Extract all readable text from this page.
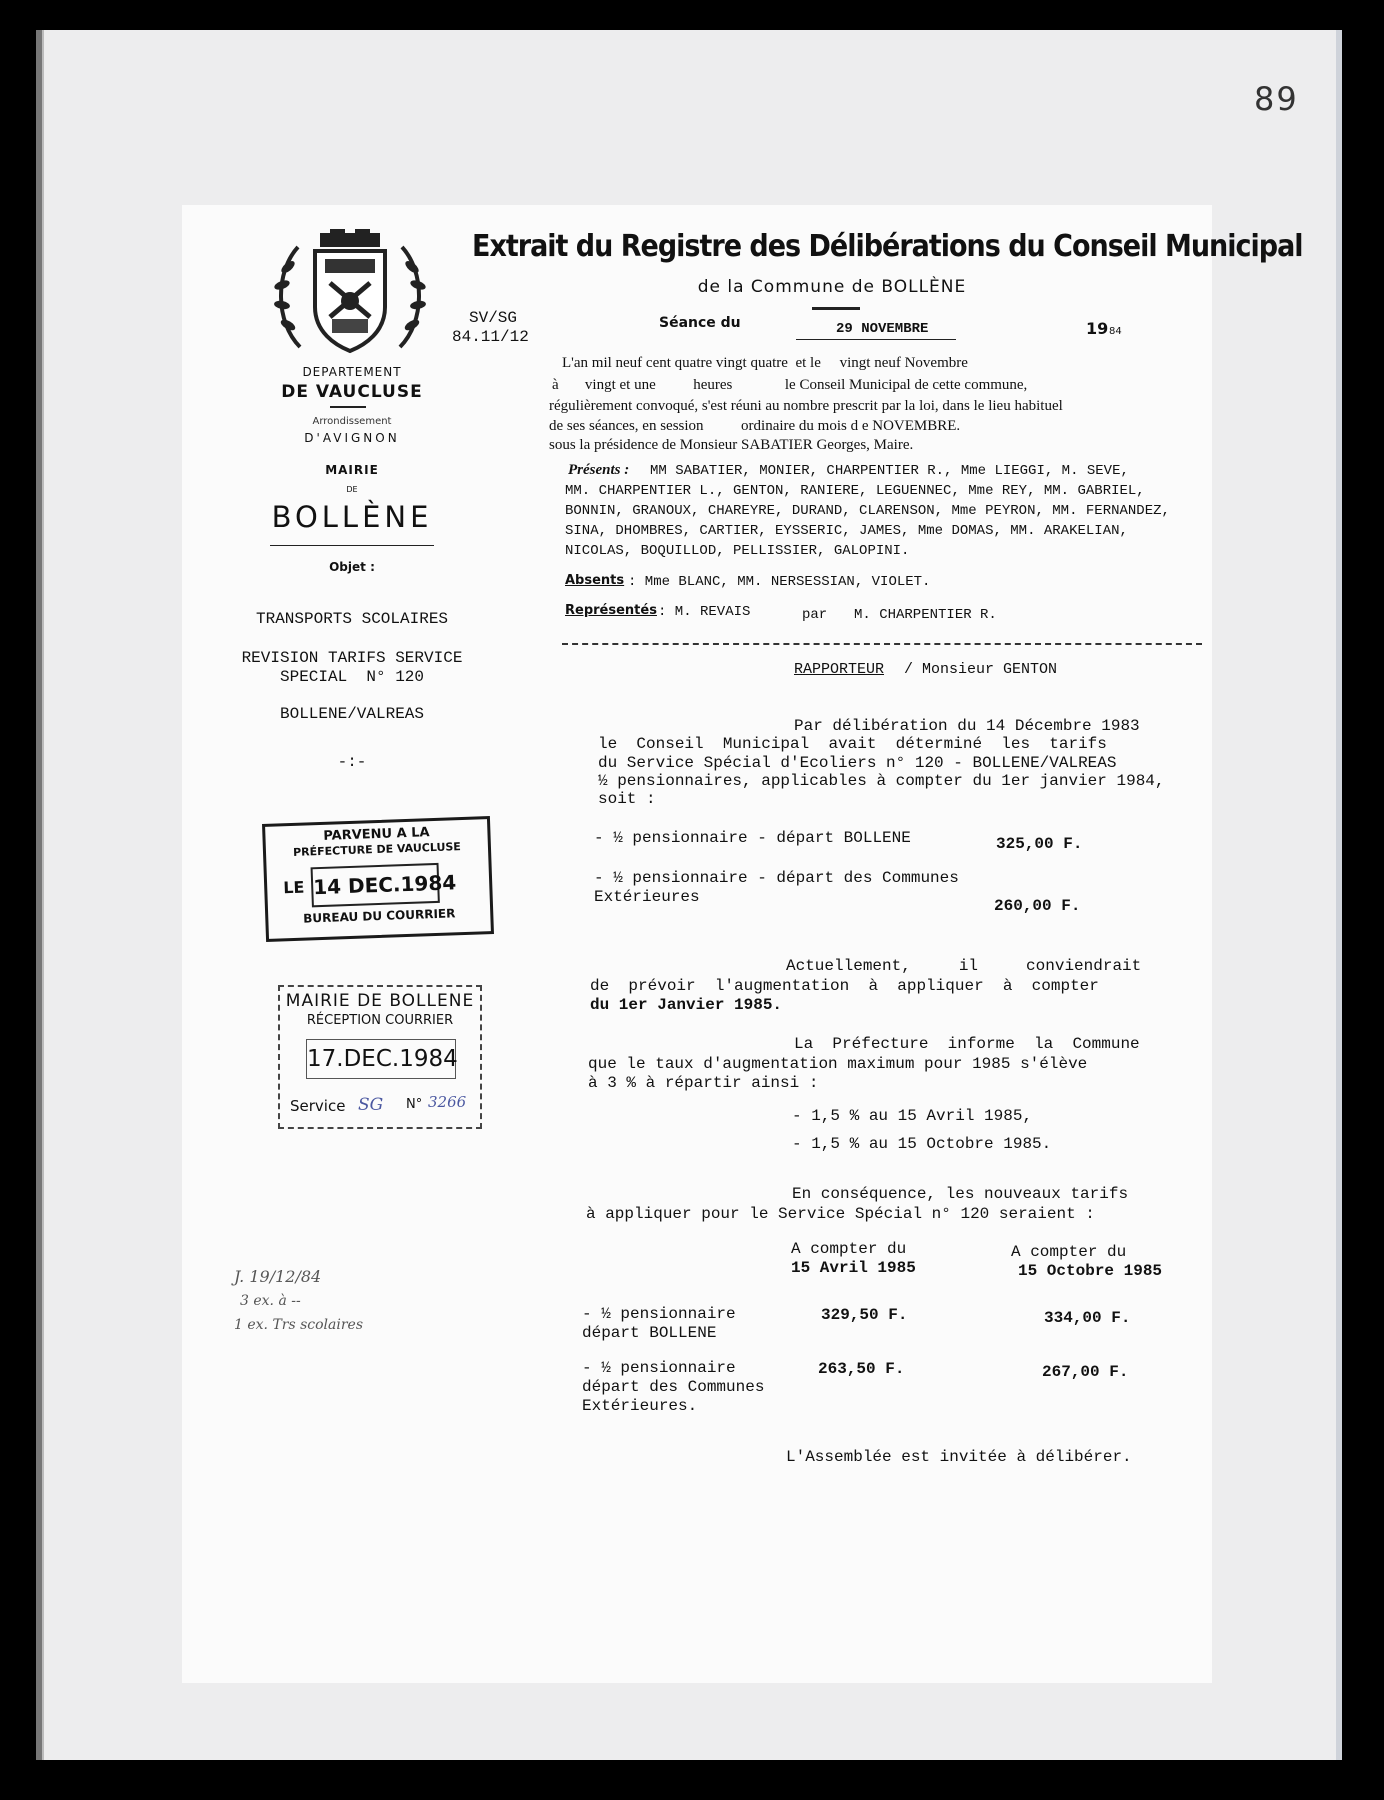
89
DEPARTEMENT
DE VAUCLUSE
Arrondissement
D'AVIGNON
MAIRIE
DE
BOLLÈNE
Objet :
TRANSPORTS SCOLAIRES
REVISION TARIFS SERVICE
SPECIAL  N° 120
BOLLENE/VALREAS
-:-
PARVENU A LA
PRÉFECTURE DE VAUCLUSE
LE 14 DEC.1984
BUREAU DU COURRIER
MAIRIE DE BOLLENE
RÉCEPTION COURRIER
17.DEC.1984
Service SG N° 3266
J. 19/12/84
3 ex. à --
1 ex. Trs scolaires
Extrait du Registre des Délibérations du Conseil Municipal
de la Commune de BOLLÈNE
SV/SG
84.11/12
Séance du	29 NOVEMBRE	19 84
L'an mil neuf cent quatre vingt quatre  et le     vingt neuf Novembre
à       vingt et une          heures              le Conseil Municipal de cette commune,
régulièrement convoqué, s'est réuni au nombre prescrit par la loi, dans le lieu habituel
de ses séances, en session          ordinaire du mois d e NOVEMBRE.
sous la présidence de Monsieur SABATIER Georges, Maire.
Présents : MM SABATIER, MONIER, CHARPENTIER R., Mme LIEGGI, M. SEVE,
MM. CHARPENTIER L., GENTON, RANIERE, LEGUENNEC, Mme REY, MM. GABRIEL,
BONNIN, GRANOUX, CHAREYRE, DURAND, CLARENSON, Mme PEYRON, MM. FERNANDEZ,
SINA, DHOMBRES, CARTIER, EYSSERIC, JAMES, Mme DOMAS, MM. ARAKELIAN,
NICOLAS, BOQUILLOD, PELLISSIER, GALOPINI.
Absents : Mme BLANC, MM. NERSESSIAN, VIOLET.
Représentés : M. REVAIS	par M. CHARPENTIER R.
RAPPORTEUR / Monsieur GENTON
Par délibération du 14 Décembre 1983
le  Conseil  Municipal  avait  déterminé  les  tarifs
du Service Spécial d'Ecoliers n° 120 - BOLLENE/VALREAS
½ pensionnaires, applicables à compter du 1er janvier 1984,
soit :
- ½ pensionnaire - départ BOLLENE	325,00 F.
- ½ pensionnaire - départ des Communes
Extérieures	260,00 F.
Actuellement,     il     conviendrait
de  prévoir  l'augmentation  à  appliquer  à  compter
du 1er Janvier 1985.
La  Préfecture  informe  la  Commune
que le taux d'augmentation maximum pour 1985 s'élève
à 3 % à répartir ainsi :
- 1,5 % au 15 Avril 1985,
- 1,5 % au 15 Octobre 1985.
En conséquence, les nouveaux tarifs
à appliquer pour le Service Spécial n° 120 seraient :
A compter du
15 Avril 1985
A compter du
15 Octobre 1985
- ½ pensionnaire
départ BOLLENE
329,50 F.	334,00 F.
- ½ pensionnaire
départ des Communes
Extérieures.
263,50 F.	267,00 F.
L'Assemblée est invitée à délibérer.
